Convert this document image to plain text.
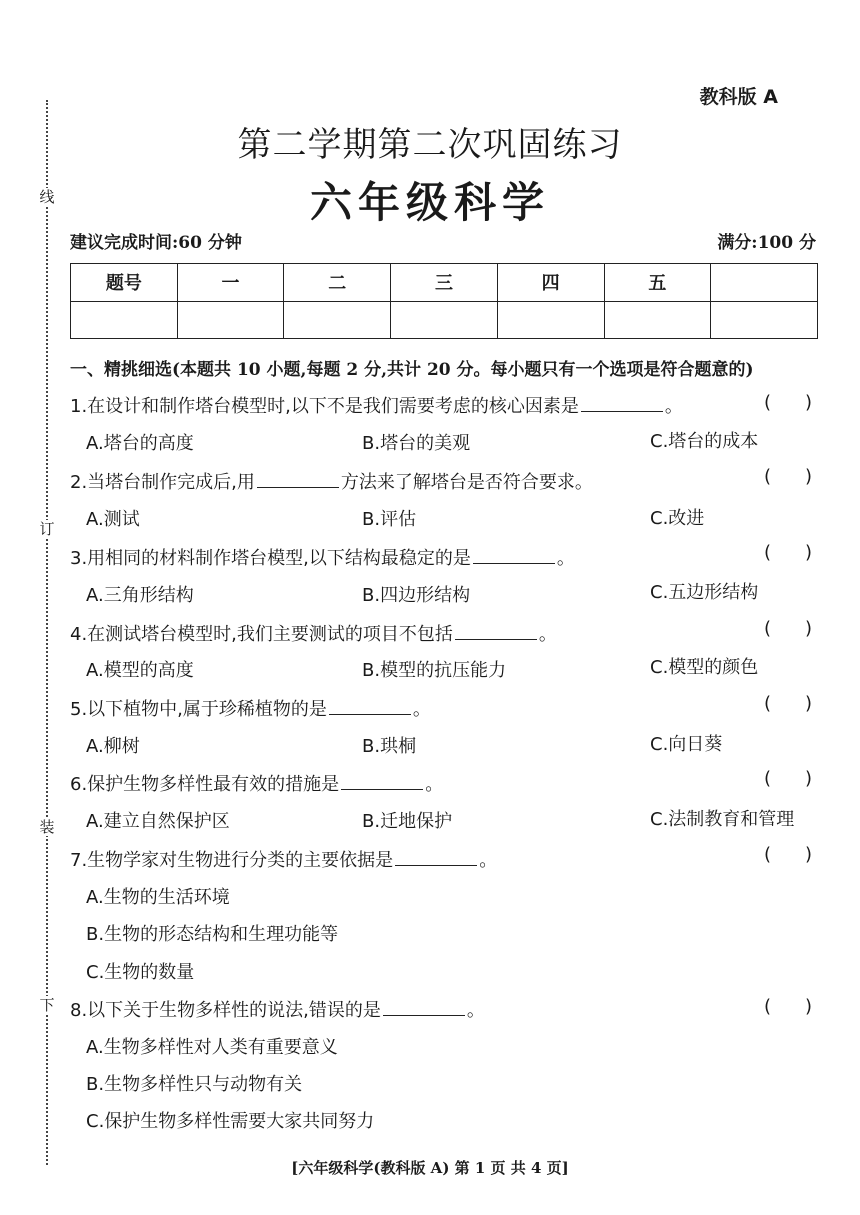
线
订
装
下
教科版 A
第二学期第二次巩固练习
六年级科学
建议完成时间:60 分钟	满分:100 分
题号	一	二	三	四	五	

一、精挑细选(本题共 10 小题,每题 2 分,共计 20 分。每小题只有一个选项是符合题意的)
1.在设计和制作塔台模型时,以下不是我们需要考虑的核心因素是	。	( )
A.塔台的高度	B.塔台的美观	C.塔台的成本
2.当塔台制作完成后,用	方法来了解塔台是否符合要求。	( )
A.测试	B.评估	C.改进
3.用相同的材料制作塔台模型,以下结构最稳定的是	。	( )
A.三角形结构	B.四边形结构	C.五边形结构
4.在测试塔台模型时,我们主要测试的项目不包括	。	( )
A.模型的高度	B.模型的抗压能力	C.模型的颜色
5.以下植物中,属于珍稀植物的是	。	( )
A.柳树	B.珙桐	C.向日葵
6.保护生物多样性最有效的措施是	。	( )
A.建立自然保护区	B.迁地保护	C.法制教育和管理
7.生物学家对生物进行分类的主要依据是	。	( )
A.生物的生活环境
B.生物的形态结构和生理功能等
C.生物的数量
8.以下关于生物多样性的说法,错误的是	。	( )
A.生物多样性对人类有重要意义
B.生物多样性只与动物有关
C.保护生物多样性需要大家共同努力
[六年级科学(教科版 A) 第 1 页 共 4 页]
